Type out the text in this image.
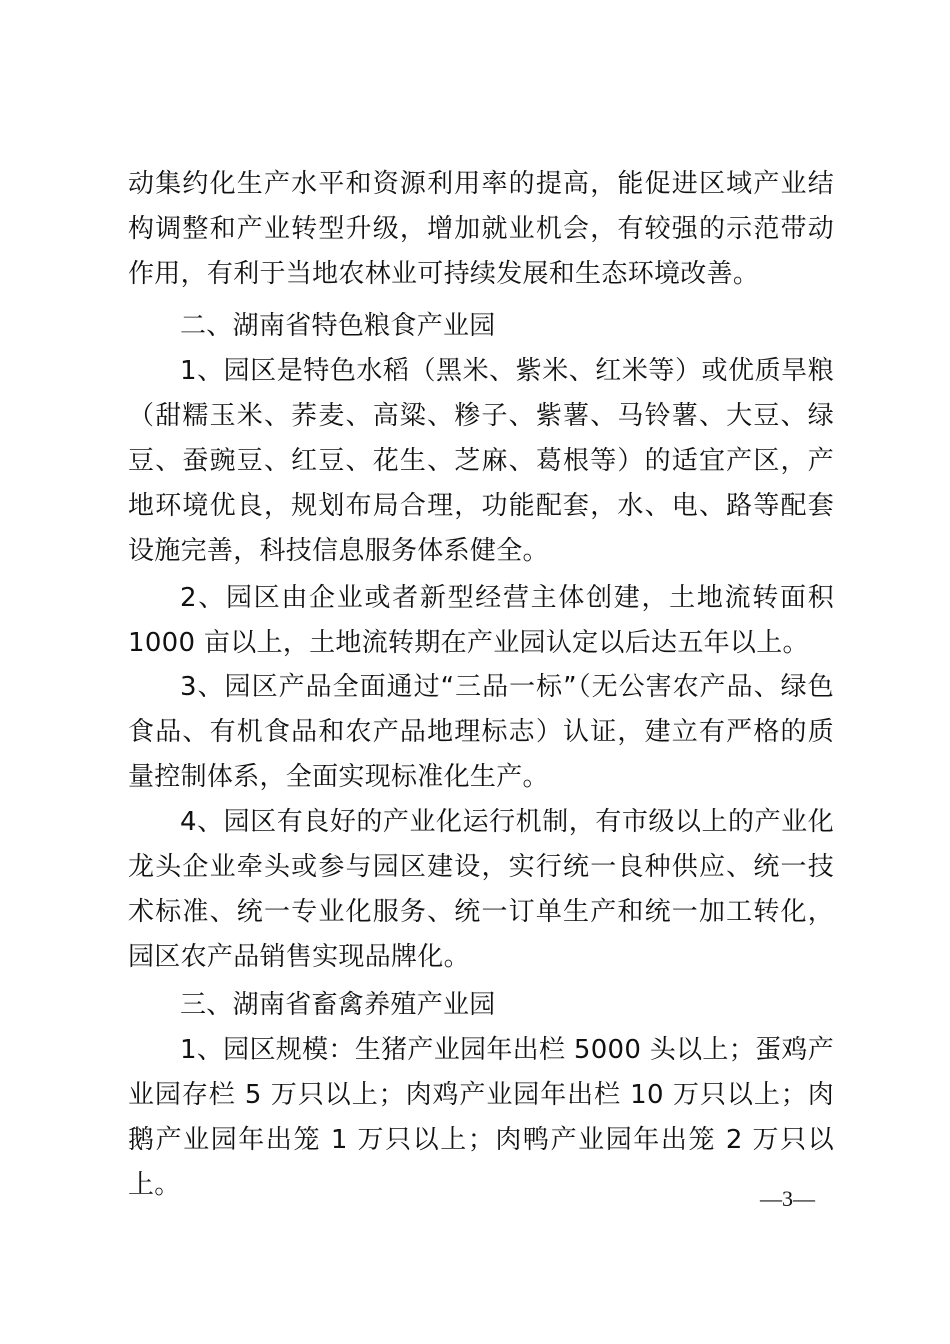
动集约化生产水平和资源利用率的提高，能促进区域产业结构调整和产业转型升级，增加就业机会，有较强的示范带动作用，有利于当地农林业可持续发展和生态环境改善。

二、湖南省特色粮食产业园

1、园区是特色水稻（黑米、紫米、红米等）或优质旱粮（甜糯玉米、荞麦、高粱、糁子、紫薯、马铃薯、大豆、绿豆、蚕豌豆、红豆、花生、芝麻、葛根等）的适宜产区，产地环境优良，规划布局合理，功能配套，水、电、路等配套设施完善，科技信息服务体系健全。

2、园区由企业或者新型经营主体创建，土地流转面积 1000 亩以上，土地流转期在产业园认定以后达五年以上。

3、园区产品全面通过“三品一标”（无公害农产品、绿色食品、有机食品和农产品地理标志）认证，建立有严格的质量控制体系，全面实现标准化生产。

4、园区有良好的产业化运行机制，有市级以上的产业化龙头企业牵头或参与园区建设，实行统一良种供应、统一技术标准、统一专业化服务、统一订单生产和统一加工转化，园区农产品销售实现品牌化。

三、湖南省畜禽养殖产业园

1、园区规模：生猪产业园年出栏 5000 头以上；蛋鸡产业园存栏 5 万只以上；肉鸡产业园年出栏 10 万只以上；肉鹅产业园年出笼 1 万只以上；肉鸭产业园年出笼 2 万只以上。	—3—
